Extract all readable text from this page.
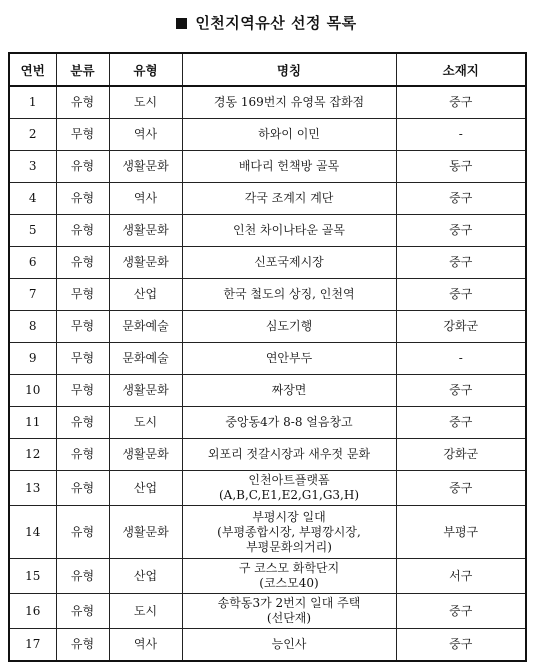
인천지역유산 선정 목록
연번	분류	유형	명칭	소재지
1	유형	도시	경동 169번지 유영목 잡화점	중구
2	무형	역사	하와이 이민	-
3	유형	생활문화	배다리 헌책방 골목	동구
4	유형	역사	각국 조계지 계단	중구
5	유형	생활문화	인천 차이나타운 골목	중구
6	유형	생활문화	신포국제시장	중구
7	무형	산업	한국 철도의 상징, 인천역	중구
8	무형	문화예술	심도기행	강화군
9	무형	문화예술	연안부두	-
10	무형	생활문화	짜장면	중구
11	유형	도시	중앙동4가 8-8 얼음창고	중구
12	유형	생활문화	외포리 젓갈시장과 새우젓 문화	강화군
13	유형	산업	인천아트플랫폼
(A,B,C,E1,E2,G1,G3,H)	중구
14	유형	생활문화	부평시장 일대
(부평종합시장, 부평깡시장,
부평문화의거리)	부평구
15	유형	산업	구 코스모 화학단지
(코스모40)	서구
16	유형	도시	송학동3가 2번지 일대 주택
(선단재)	중구
17	유형	역사	능인사	중구
